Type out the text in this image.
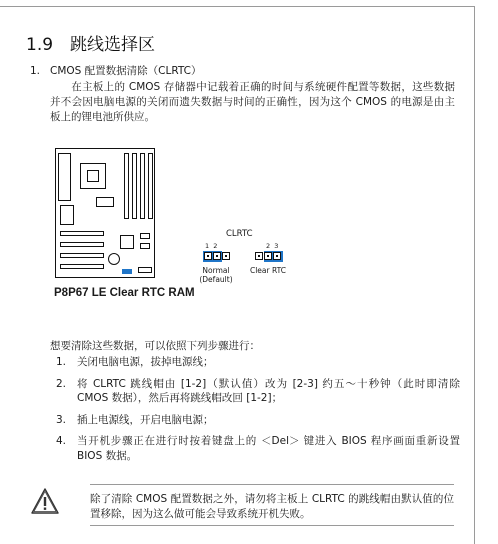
1.9 跳线选择区
1. CMOS 配置数据清除（CLRTC）
在主板上的 CMOS 存储器中记载着正确的时间与系统硬件配置等数据，这些数据并不会因电脑电源的关闭而遗失数据与时间的正确性，因为这个 CMOS 的电源是由主板上的锂电池所供应。
P8P67 LE Clear RTC RAM
CLRTC
1 2
Normal
(Default)
2 3
Clear RTC
想要清除这些数据，可以依照下列步骤进行：
1.	关闭电脑电源，拔掉电源线；
2.	将 CLRTC 跳线帽由 [1-2]（默认值）改为 [2-3] 约五～十秒钟（此时即清除 CMOS 数据），然后再将跳线帽改回 [1-2]；
3.	插上电源线，开启电脑电源；
4.	当开机步骤正在进行时按着键盘上的 ＜Del＞ 键进入 BIOS 程序画面重新设置 BIOS 数据。
除了清除 CMOS 配置数据之外，请勿将主板上 CLRTC 的跳线帽由默认值的位置移除，因为这么做可能会导致系统开机失败。
